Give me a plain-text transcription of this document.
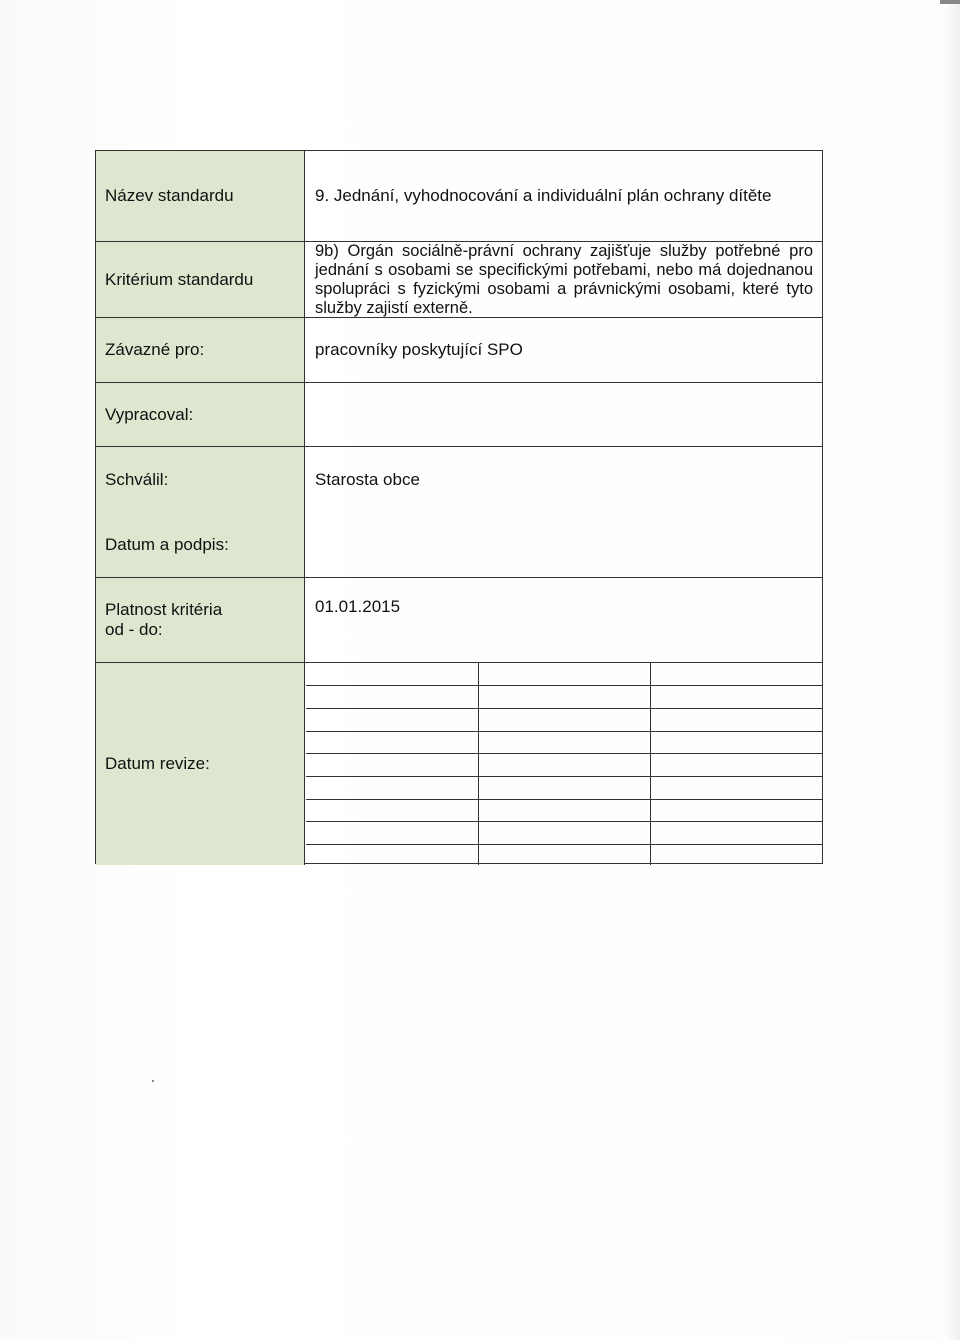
Název standardu	9. Jednání, vyhodnocování a individuální plán ochrany dítěte
Kritérium standardu
9b) Orgán sociálně-právní ochrany zajišťuje služby potřebné pro jednání s osobami se specifickými potřebami, nebo má dojednanou spolupráci s fyzickými osobami a právnickými osobami, které tyto služby zajistí externě.
Závazné pro:	pracovníky poskytující SPO
Vypracoval:
Schválil:
Datum a podpis:
Starosta obce
Platnost kritéria
od - do:
01.01.2015
Datum revize:
